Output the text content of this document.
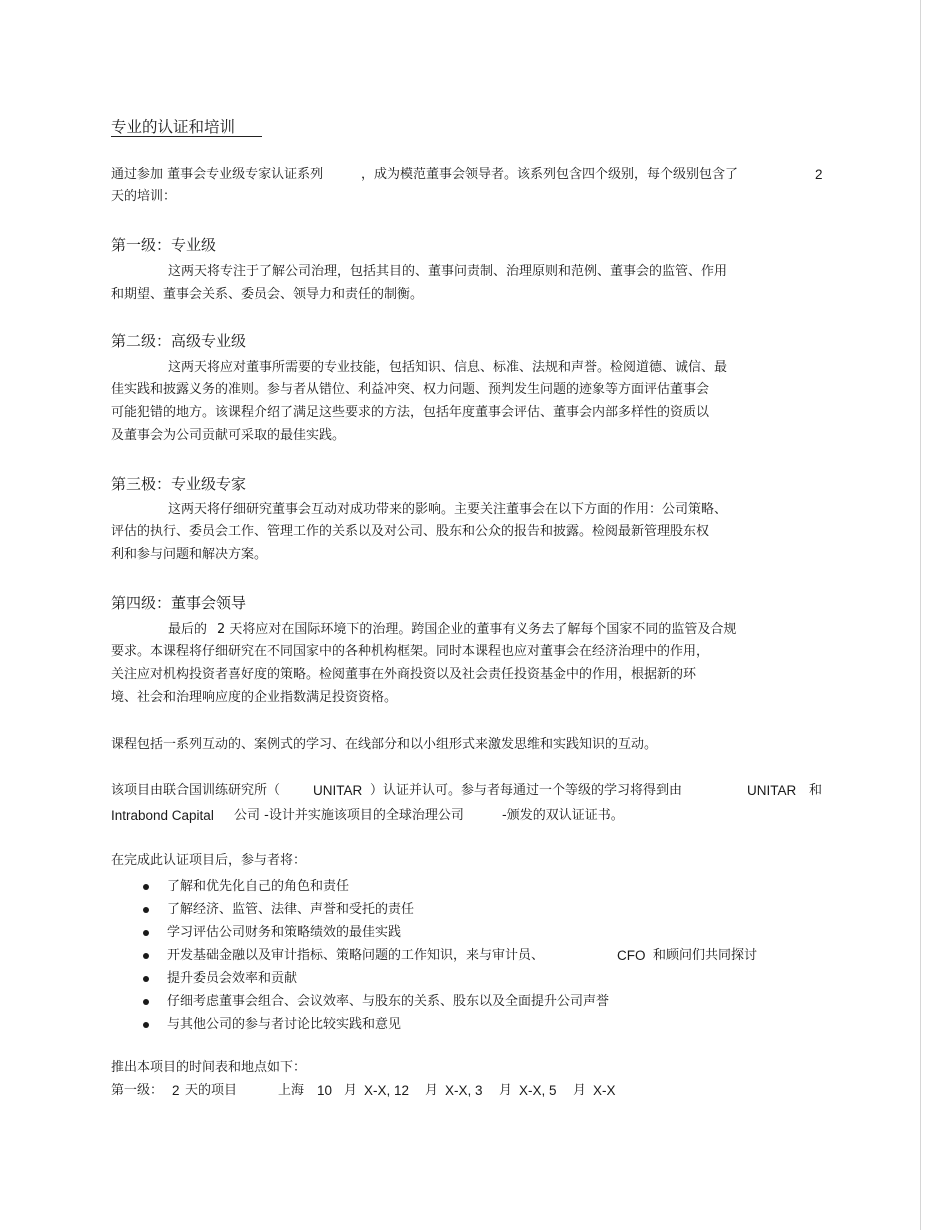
专业的认证和培训
通过参加 董事会专业级专家认证系列	，成为模范董事会领导者。该系列包含四个级别，每个级别包含了	2
天的培训：
第一级：专业级
这两天将专注于了解公司治理，包括其目的、董事问责制、治理原则和范例、董事会的监管、作用
和期望、董事会关系、委员会、领导力和责任的制衡。
第二级：高级专业级
这两天将应对董事所需要的专业技能，包括知识、信息、标准、法规和声誉。检阅道德、诚信、最
佳实践和披露义务的准则。参与者从错位、利益冲突、权力问题、预判发生问题的迹象等方面评估董事会
可能犯错的地方。该课程介绍了满足这些要求的方法，包括年度董事会评估、董事会内部多样性的资质以
及董事会为公司贡献可采取的最佳实践。
第三极：专业级专家
这两天将仔细研究董事会互动对成功带来的影响。主要关注董事会在以下方面的作用：公司策略、
评估的执行、委员会工作、管理工作的关系以及对公司、股东和公众的报告和披露。检阅最新管理股东权
利和参与问题和解决方案。
第四级：董事会领导
最后的 2 天将应对在国际环境下的治理。跨国企业的董事有义务去了解每个国家不同的监管及合规
要求。本课程将仔细研究在不同国家中的各种机构框架。同时本课程也应对董事会在经济治理中的作用，
关注应对机构投资者喜好度的策略。检阅董事在外商投资以及社会责任投资基金中的作用，根据新的环
境、社会和治理响应度的企业指数满足投资资格。
课程包括一系列互动的、案例式的学习、在线部分和以小组形式来激发思维和实践知识的互动。
该项目由联合国训练研究所（ UNITAR ）认证并认可。参与者每通过一个等级的学习将得到由	UNITAR 和
Intrabond Capital 公司 -设计并实施该项目的全球治理公司	-颁发的双认证证书。
在完成此认证项目后，参与者将：
了解和优先化自己的角色和责任
了解经济、监管、法律、声誉和受托的责任
学习评估公司财务和策略绩效的最佳实践
开发基础金融以及审计指标、策略问题的工作知识，来与审计员、	CFO 和顾问们共同探讨
提升委员会效率和贡献
仔细考虑董事会组合、会议效率、与股东的关系、股东以及全面提升公司声誉
与其他公司的参与者讨论比较实践和意见
推出本项目的时间表和地点如下：
第一级： 2 天的项目	上海 10 月 X-X, 12 月 X-X, 3 月 X-X, 5 月 X-X
